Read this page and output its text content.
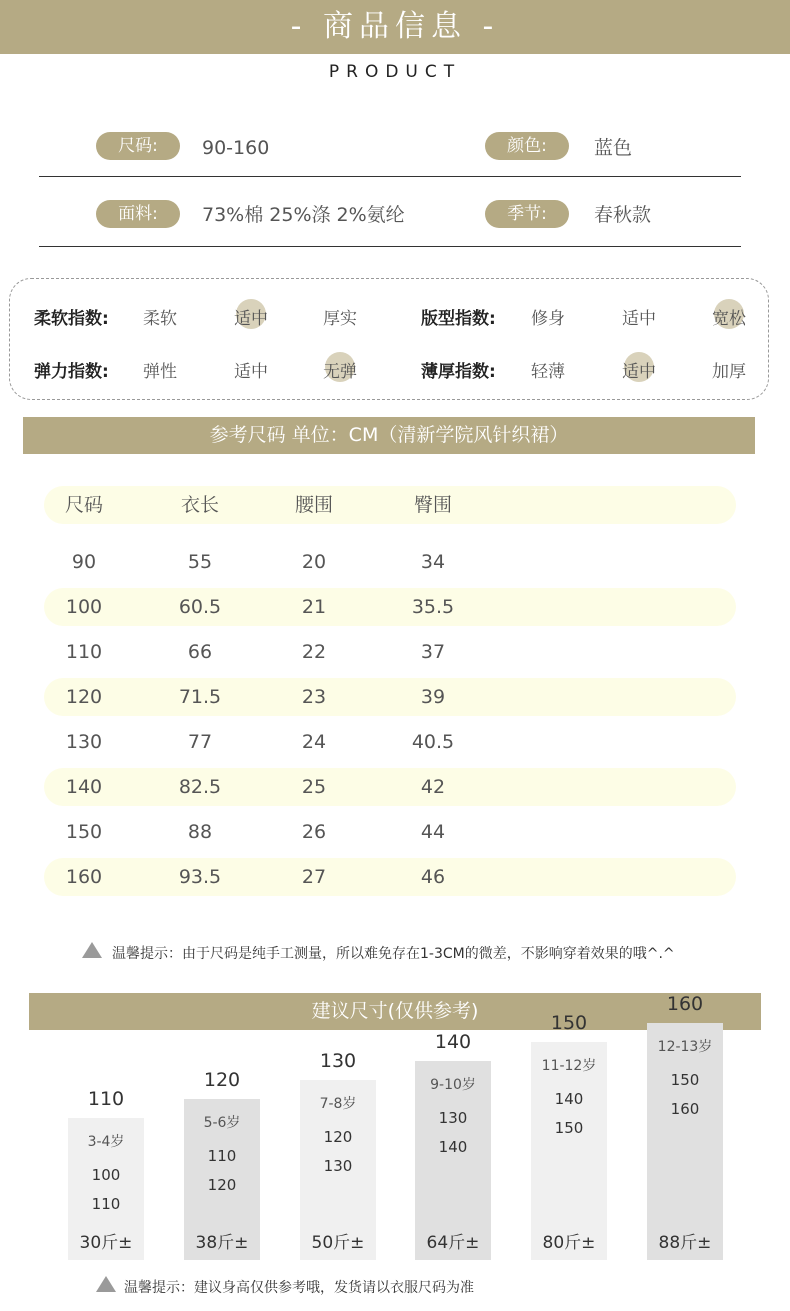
- 商品信息 -
PRODUCT
尺码:	90-160	颜色:	蓝色
面料:	73%棉 25%涤 2%氨纶	季节:	春秋款
柔软指数:	柔软	适中	厚实	版型指数:	修身	适中	宽松
弹力指数:	弹性	适中	无弹	薄厚指数:	轻薄	适中	加厚
参考尺码 单位：CM（清新学院风针织裙）
尺码	衣长	腰围	臀围
90	55	20	34
100	60.5	21	35.5
110	66	22	37
120	71.5	23	39
130	77	24	40.5
140	82.5	25	42
150	88	26	44
160	93.5	27	46
温馨提示：由于尺码是纯手工测量，所以难免存在1-3CM的微差，不影响穿着效果的哦^.^
建议尺寸(仅供参考)
110
3-4岁
100
110
30斤±
120
5-6岁
110
120
38斤±
130
7-8岁
120
130
50斤±
140
9-10岁
130
140
64斤±
150
11-12岁
140
150
80斤±
160
12-13岁
150
160
88斤±
温馨提示：建议身高仅供参考哦，发货请以衣服尺码为准
